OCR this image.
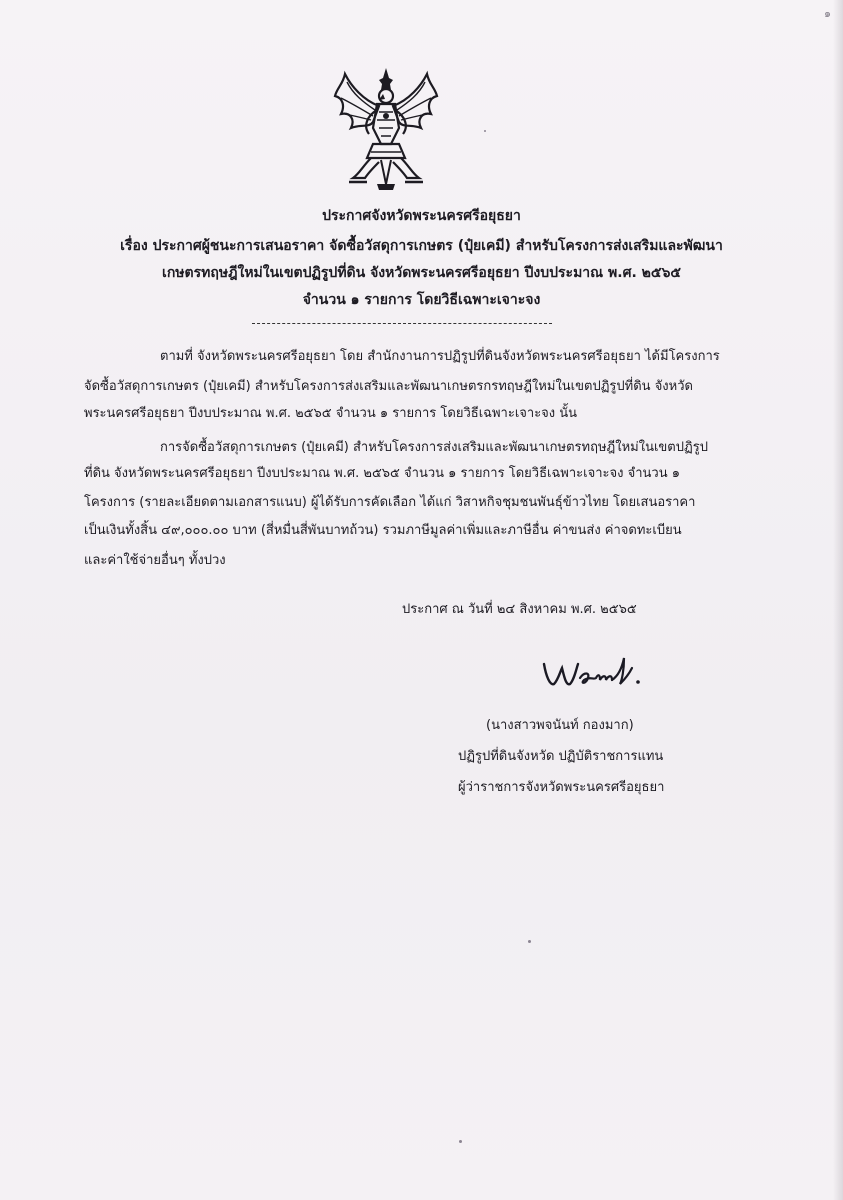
๑
ประกาศจังหวัดพระนครศรีอยุธยา
เรื่อง ประกาศผู้ชนะการเสนอราคา จัดซื้อวัสดุการเกษตร (ปุ๋ยเคมี) สำหรับโครงการส่งเสริมและพัฒนา
เกษตรทฤษฎีใหม่ในเขตปฏิรูปที่ดิน จังหวัดพระนครศรีอยุธยา ปีงบประมาณ พ.ศ. ๒๕๖๕
จำนวน ๑ รายการ โดยวิธีเฉพาะเจาะจง
ตามที่ จังหวัดพระนครศรีอยุธยา โดย สำนักงานการปฏิรูปที่ดินจังหวัดพระนครศรีอยุธยา ได้มีโครงการ
จัดซื้อวัสดุการเกษตร (ปุ๋ยเคมี) สำหรับโครงการส่งเสริมและพัฒนาเกษตรกรทฤษฎีใหม่ในเขตปฏิรูปที่ดิน จังหวัด
พระนครศรีอยุธยา ปีงบประมาณ พ.ศ. ๒๕๖๕ จำนวน ๑ รายการ โดยวิธีเฉพาะเจาะจง นั้น
การจัดซื้อวัสดุการเกษตร (ปุ๋ยเคมี) สำหรับโครงการส่งเสริมและพัฒนาเกษตรทฤษฎีใหม่ในเขตปฏิรูป
ที่ดิน จังหวัดพระนครศรีอยุธยา ปีงบประมาณ พ.ศ. ๒๕๖๕ จำนวน ๑ รายการ โดยวิธีเฉพาะเจาะจง จำนวน ๑
โครงการ (รายละเอียดตามเอกสารแนบ) ผู้ได้รับการคัดเลือก ได้แก่ วิสาหกิจชุมชนพันธุ์ข้าวไทย โดยเสนอราคา
เป็นเงินทั้งสิ้น ๔๙,๐๐๐.๐๐ บาท (สี่หมื่นสี่พันบาทถ้วน) รวมภาษีมูลค่าเพิ่มและภาษีอื่น ค่าขนส่ง ค่าจดทะเบียน
และค่าใช้จ่ายอื่นๆ ทั้งปวง
ประกาศ ณ วันที่ ๒๔ สิงหาคม พ.ศ. ๒๕๖๕
(นางสาวพจนันท์ กองมาก)
ปฏิรูปที่ดินจังหวัด ปฏิบัติราชการแทน
ผู้ว่าราชการจังหวัดพระนครศรีอยุธยา
